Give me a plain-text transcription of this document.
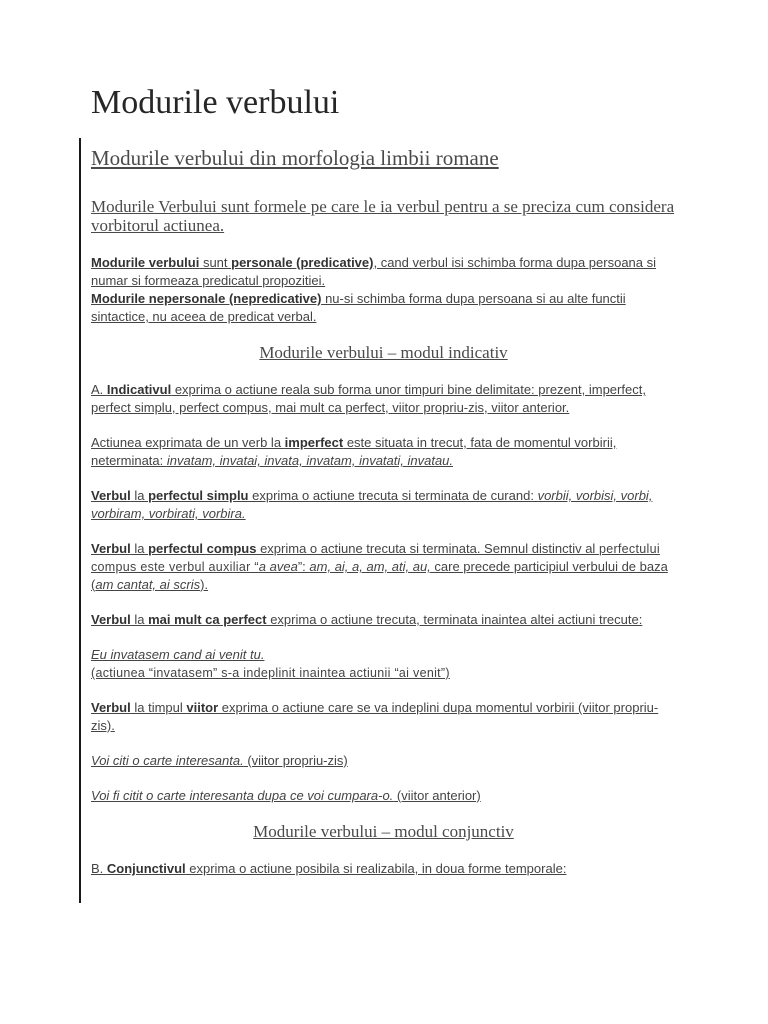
Modurile verbului
Modurile verbului din morfologia limbii romane

Modurile Verbului sunt formele pe care le ia verbul pentru a se preciza cum considera vorbitorul actiunea.

Modurile verbului sunt personale (predicative), cand verbul isi schimba forma dupa persoana si numar si formeaza predicatul propozitiei.
Modurile nepersonale (nepredicative) nu-si schimba forma dupa persoana si au alte functii sintactice, nu aceea de predicat verbal.

Modurile verbului – modul indicativ

A. Indicativul exprima o actiune reala sub forma unor timpuri bine delimitate: prezent, imperfect, perfect simplu, perfect compus, mai mult ca perfect, viitor propriu-zis, viitor anterior.

Actiunea exprimata de un verb la imperfect este situata in trecut, fata de momentul vorbirii, neterminata: invatam, invatai, invata, invatam, invatati, invatau.

Verbul la perfectul simplu exprima o actiune trecuta si terminata de curand: vorbii, vorbisi, vorbi, vorbiram, vorbirati, vorbira.

Verbul la perfectul compus exprima o actiune trecuta si terminata. Semnul distinctiv al perfectului compus este verbul auxiliar “a avea”: am, ai, a, am, ati, au, care precede participiul verbului de baza (am cantat, ai scris).

Verbul la mai mult ca perfect exprima o actiune trecuta, terminata inaintea altei actiuni trecute:

Eu invatasem cand ai venit tu.
(actiunea “invatasem” s-a indeplinit inaintea actiunii “ai venit”)

Verbul la timpul viitor exprima o actiune care se va indeplini dupa momentul vorbirii (viitor propriu-zis).

Voi citi o carte interesanta. (viitor propriu-zis)

Voi fi citit o carte interesanta dupa ce voi cumpara-o. (viitor anterior)

Modurile verbului – modul conjunctiv

B. Conjunctivul exprima o actiune posibila si realizabila, in doua forme temporale:
